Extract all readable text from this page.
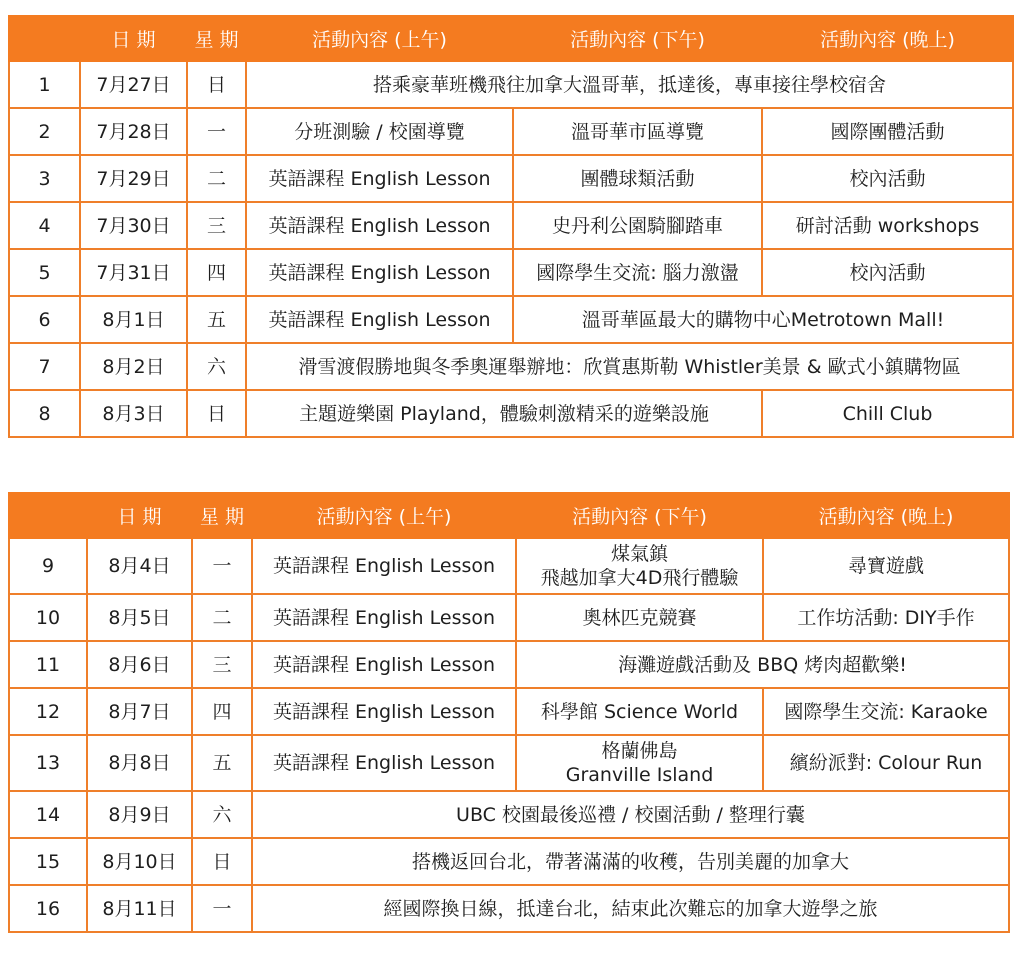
	日 期	星 期	活動內容 (上午)	活動內容 (下午)	活動內容 (晚上)
1	7月27日	日	搭乘豪華班機飛往加拿大溫哥華，抵達後，專車接往學校宿舍		
2	7月28日	一	分班測驗 / 校園導覽	溫哥華市區導覽	國際團體活動
3	7月29日	二	英語課程 English Lesson	團體球類活動	校內活動
4	7月30日	三	英語課程 English Lesson	史丹利公園騎腳踏車	研討活動 workshops
5	7月31日	四	英語課程 English Lesson	國際學生交流: 腦力激盪	校內活動
6	8月1日	五	英語課程 English Lesson	溫哥華區最大的購物中心Metrotown Mall!	
7	8月2日	六	滑雪渡假勝地與冬季奧運舉辦地：欣賞惠斯勒 Whistler美景 & 歐式小鎮購物區		
8	8月3日	日	主題遊樂園 Playland，體驗刺激精采的遊樂設施		Chill Club
	日 期	星 期	活動內容 (上午)	活動內容 (下午)	活動內容 (晚上)
9	8月4日	一	英語課程 English Lesson	煤氣鎮
飛越加拿大4D飛行體驗	尋寶遊戲
10	8月5日	二	英語課程 English Lesson	奧林匹克競賽	工作坊活動: DIY手作
11	8月6日	三	英語課程 English Lesson	海灘遊戲活動及 BBQ 烤肉超歡樂!	
12	8月7日	四	英語課程 English Lesson	科學館 Science World	國際學生交流: Karaoke
13	8月8日	五	英語課程 English Lesson	格蘭佛島
Granville Island	繽紛派對: Colour Run
14	8月9日	六	UBC 校園最後巡禮 / 校園活動 / 整理行囊		
15	8月10日	日	搭機返回台北，帶著滿滿的收穫，告別美麗的加拿大		
16	8月11日	一	經國際換日線，抵達台北，結束此次難忘的加拿大遊學之旅		
